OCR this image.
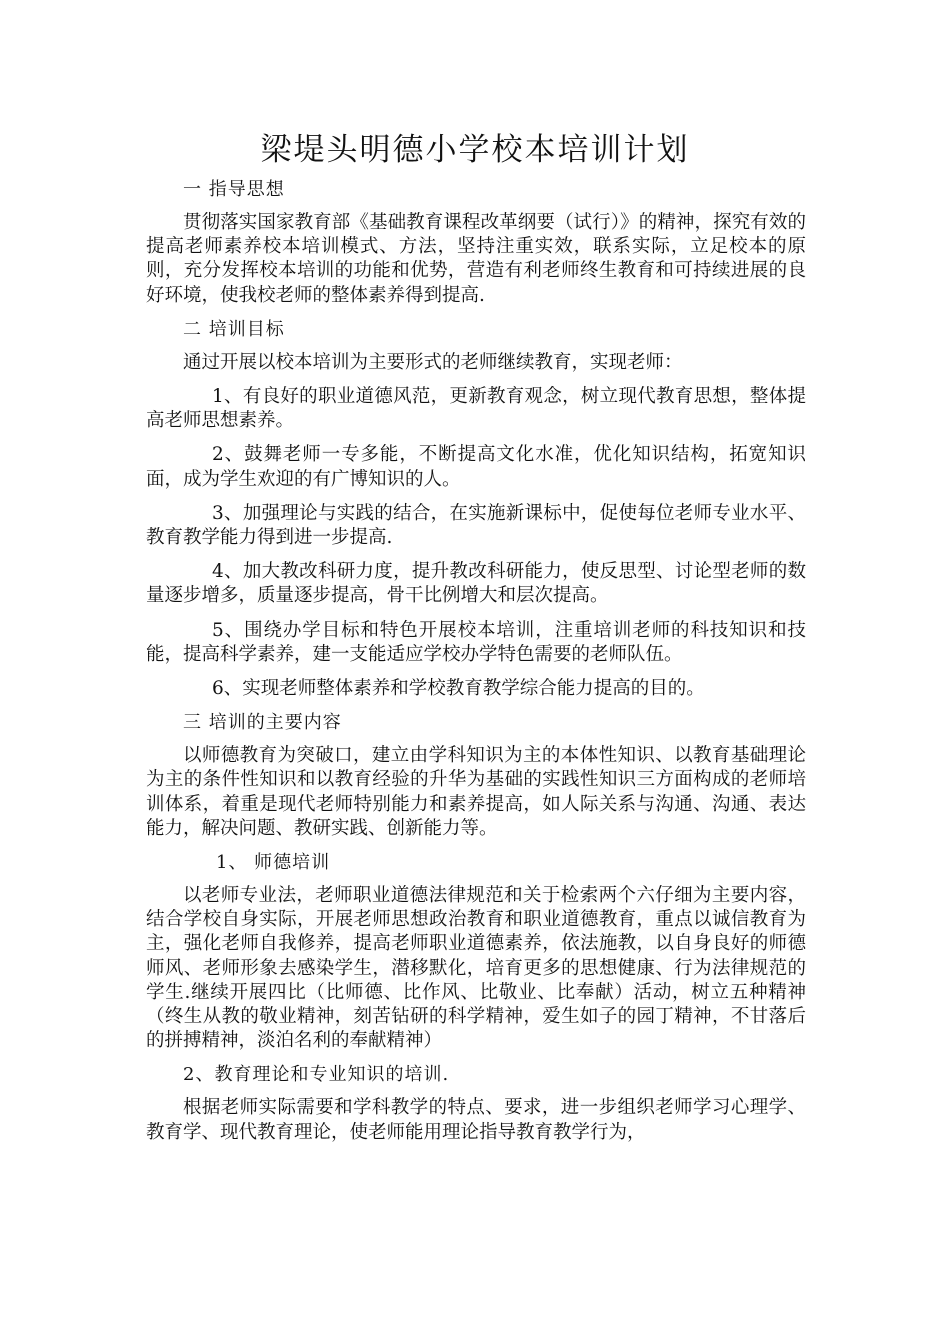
梁堤头明德小学校本培训计划
一 指导思想

贯彻落实国家教育部《基础教育课程改革纲要（试行）》的精神，探究有效的提高老师素养校本培训模式、方法，坚持注重实效，联系实际，立足校本的原则，充分发挥校本培训的功能和优势，营造有利老师终生教育和可持续进展的良好环境，使我校老师的整体素养得到提高.

二 培训目标

通过开展以校本培训为主要形式的老师继续教育，实现老师：

1、有良好的职业道德风范，更新教育观念，树立现代教育思想，整体提高老师思想素养。

2、鼓舞老师一专多能，不断提高文化水准，优化知识结构，拓宽知识面，成为学生欢迎的有广博知识的人。

3、加强理论与实践的结合，在实施新课标中，促使每位老师专业水平、教育教学能力得到进一步提高.

4、加大教改科研力度，提升教改科研能力，使反思型、讨论型老师的数量逐步增多，质量逐步提高，骨干比例增大和层次提高。

5、围绕办学目标和特色开展校本培训，注重培训老师的科技知识和技能，提高科学素养，建一支能适应学校办学特色需要的老师队伍。

6、实现老师整体素养和学校教育教学综合能力提高的目的。

三 培训的主要内容

以师德教育为突破口，建立由学科知识为主的本体性知识、以教育基础理论为主的条件性知识和以教育经验的升华为基础的实践性知识三方面构成的老师培训体系，着重是现代老师特别能力和素养提高，如人际关系与沟通、沟通、表达能力，解决问题、教研实践、创新能力等。

1、 师德培训

以老师专业法，老师职业道德法律规范和关于检索两个六仔细为主要内容，结合学校自身实际，开展老师思想政治教育和职业道德教育，重点以诚信教育为主，强化老师自我修养，提高老师职业道德素养，依法施教，以自身良好的师德师风、老师形象去感染学生，潜移默化，培育更多的思想健康、行为法律规范的学生.继续开展四比（比师德、比作风、比敬业、比奉献）活动，树立五种精神（终生从教的敬业精神，刻苦钻研的科学精神，爱生如子的园丁精神，不甘落后的拼搏精神，淡泊名利的奉献精神）

2、教育理论和专业知识的培训.

根据老师实际需要和学科教学的特点、要求，进一步组织老师学习心理学、教育学、现代教育理论，使老师能用理论指导教育教学行为，
